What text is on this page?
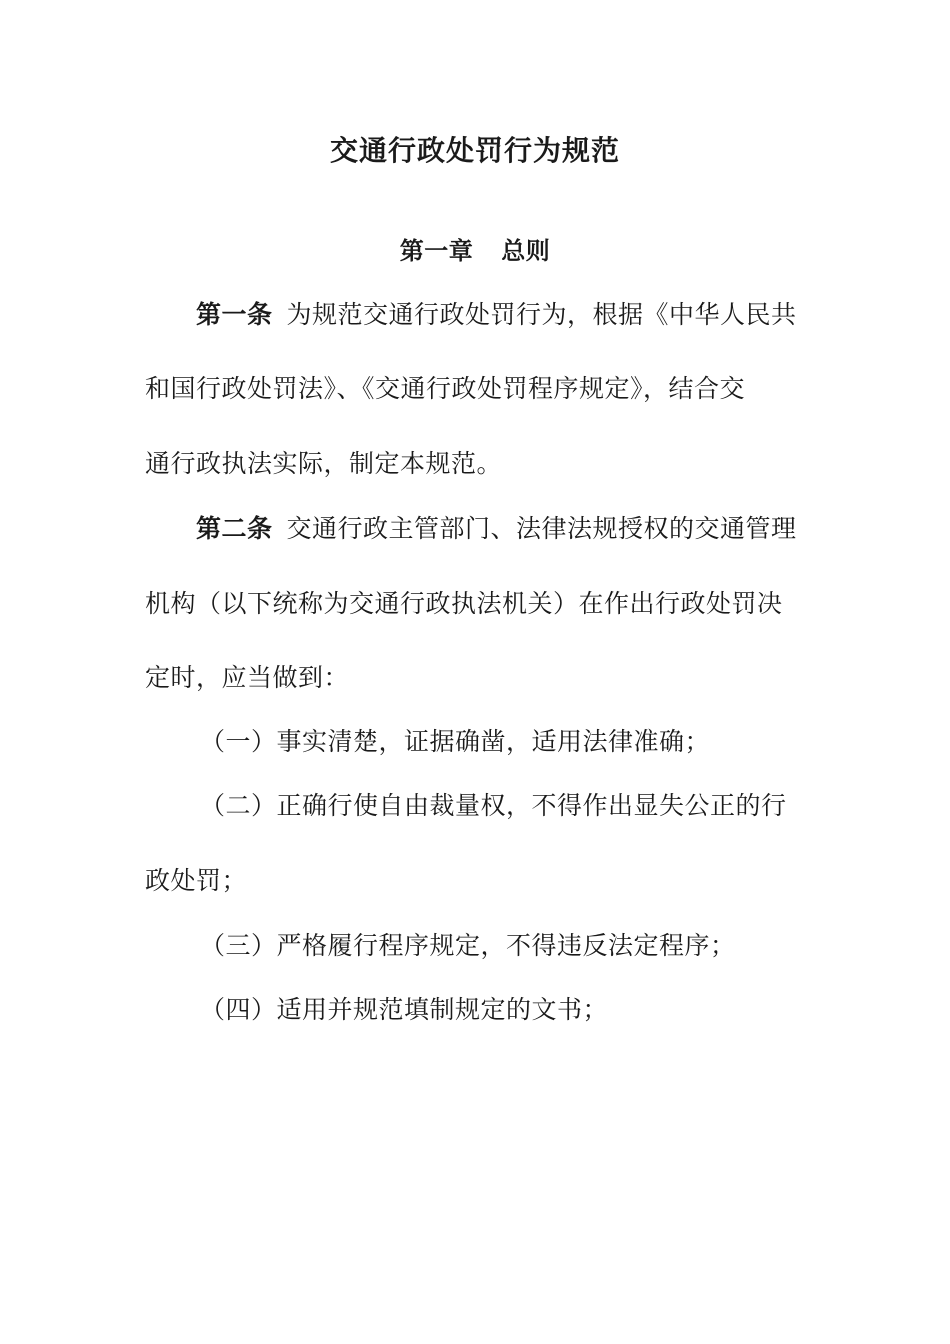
交通行政处罚行为规范
第一章 总则
第一条 为规范交通行政处罚行为，根据《中华人民共
和国行政处罚法》、《交通行政处罚程序规定》，结合交
通行政执法实际，制定本规范。
第二条 交通行政主管部门、法律法规授权的交通管理
机构（以下统称为交通行政执法机关）在作出行政处罚决
定时，应当做到：
（一）事实清楚，证据确凿，适用法律准确；
（二）正确行使自由裁量权，不得作出显失公正的行
政处罚；
（三）严格履行程序规定，不得违反法定程序；
（四）适用并规范填制规定的文书；
